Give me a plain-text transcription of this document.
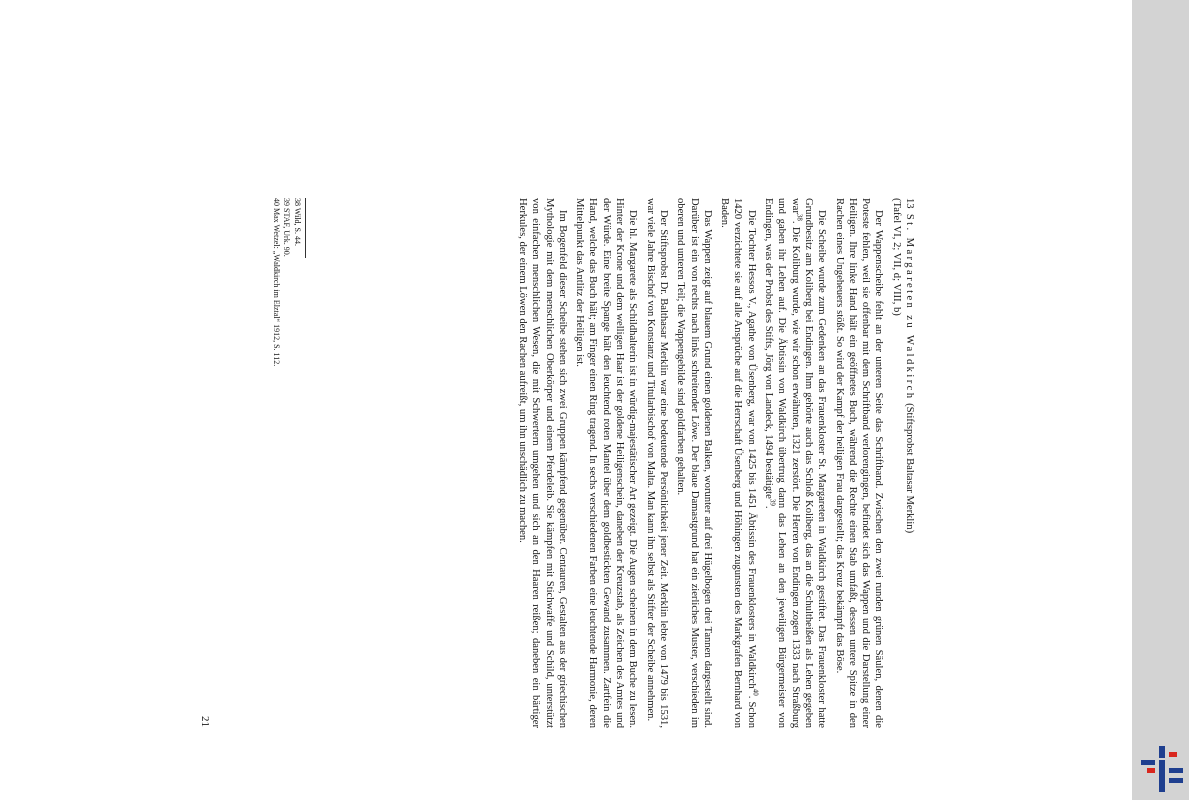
13  St. Margareten zu Waldkirch (Stiftsprobst Baltasar Merklin)

(Tafel VI, 2; VII, d; VIII, b)

Der Wappenscheibe fehlt an der unteren Seite das Schriftband. Zwischen den zwei runden grünen Säulen, denen die Poteste fehlen, weil sie offenbar mit dem Schriftband verlorengingen, befindet sich das Wappen und die Darstellung einer Heiligen. Ihre linke Hand hält ein geöffnetes Buch, während die Rechte einen Stab umfaßt, dessen untere Spitze in den Rachen eines Ungeheuers stößt. So wird der Kampf der heiligen Frau dargestellt; das Kreuz bekämpft das Böse.

Die Scheibe wurde zum Gedenken an das Frauenkloster St. Margareten in Waldkirch gestiftet. Das Frauenkloster hatte Grundbesitz am Koliberg bei Endingen. Ihm gehörte auch das Schloß Koliberg, das an die Schultheißen als Lehen gegeben war$^{38}$. Die Koliburg wurde, wie wir schon erwähnten, 1321 zerstört. Die Herren von Endingen zogen 1333 nach Straßburg und gaben ihr Lehen auf. Die Äbtissin von Waldkirch übertrug dann das Lehen an den jeweiligen Bürgermeister von Endingen, was der Probst des Stifts, Jörg von Landeck, 1494 bestätigte$^{39}$.

Die Tochter Hessos V., Agathe von Üsenberg, war von 1425 bis 1451 Äbtissin des Frauenklosters in Waldkirch$^{40}$. Schon 1420 verzichtete sie auf alle Ansprüche auf die Herrschaft Üsenberg und Höhingen zugunsten des Markgrafen Bernhard von Baden.

Das Wappen zeigt auf blauem Grund einen goldenen Balken, worunter auf drei Hügelbogen drei Tannen dargestellt sind. Darüber ist ein von rechts nach links schreitender Löwe. Der blaue Damastgrund hat ein zierliches Muster, verschieden im oberen und unteren Teil; die Wappengebilde sind goldfarben gehalten.

Der Stiftsprobst Dr. Balthasar Merklin war eine bedeutende Persönlichkeit jener Zeit. Merklin lebte von 1479 bis 1531, war viele Jahre Bischof von Konstanz und Titularbischof von Malta. Man kann ihn selbst als Stifter der Scheibe annehmen.

Die hl. Margarete als Schildhalterin ist in würdig-majestätischer Art gezeigt. Die Augen scheinen in dem Buche zu lesen. Hinter der Krone und dem welligen Haar ist der goldene Heiligenschein, daneben der Kreuzstab, als Zeichen des Amtes und der Würde. Eine breite Spange hält den leuchtend roten Mantel über dem goldbestickten Gewand zusammen. Zartfein die Hand, welche das Buch hält; am Finger einen Ring tragend. In sechs verschiedenen Farben eine leuchtende Harmonie, deren Mittelpunkt das Antlitz der Heiligen ist.

Im Bogenfeld dieser Scheibe stehen sich zwei Gruppen kämpfend gegenüber. Centauren, Gestalten aus der griechischen Mythologie mit dem menschlichen Oberkörper und einem Pferdeleib. Sie kämpfen mit Stichwaffe und Schild, unterstützt von einfachen menschlichen Wesen, die mit Schwertern umgehen und sich an den Haaren reißen; daneben ein bärtiger Herkules, der einem Löwen den Rachen aufreißt, um ihn unschädlich zu machen.

38 Wild, S. 44.
39 STAF, Urk. 90.
40 Max Wetzel: „Waldkirch im Elztal“ 1912, S. 112.
21
